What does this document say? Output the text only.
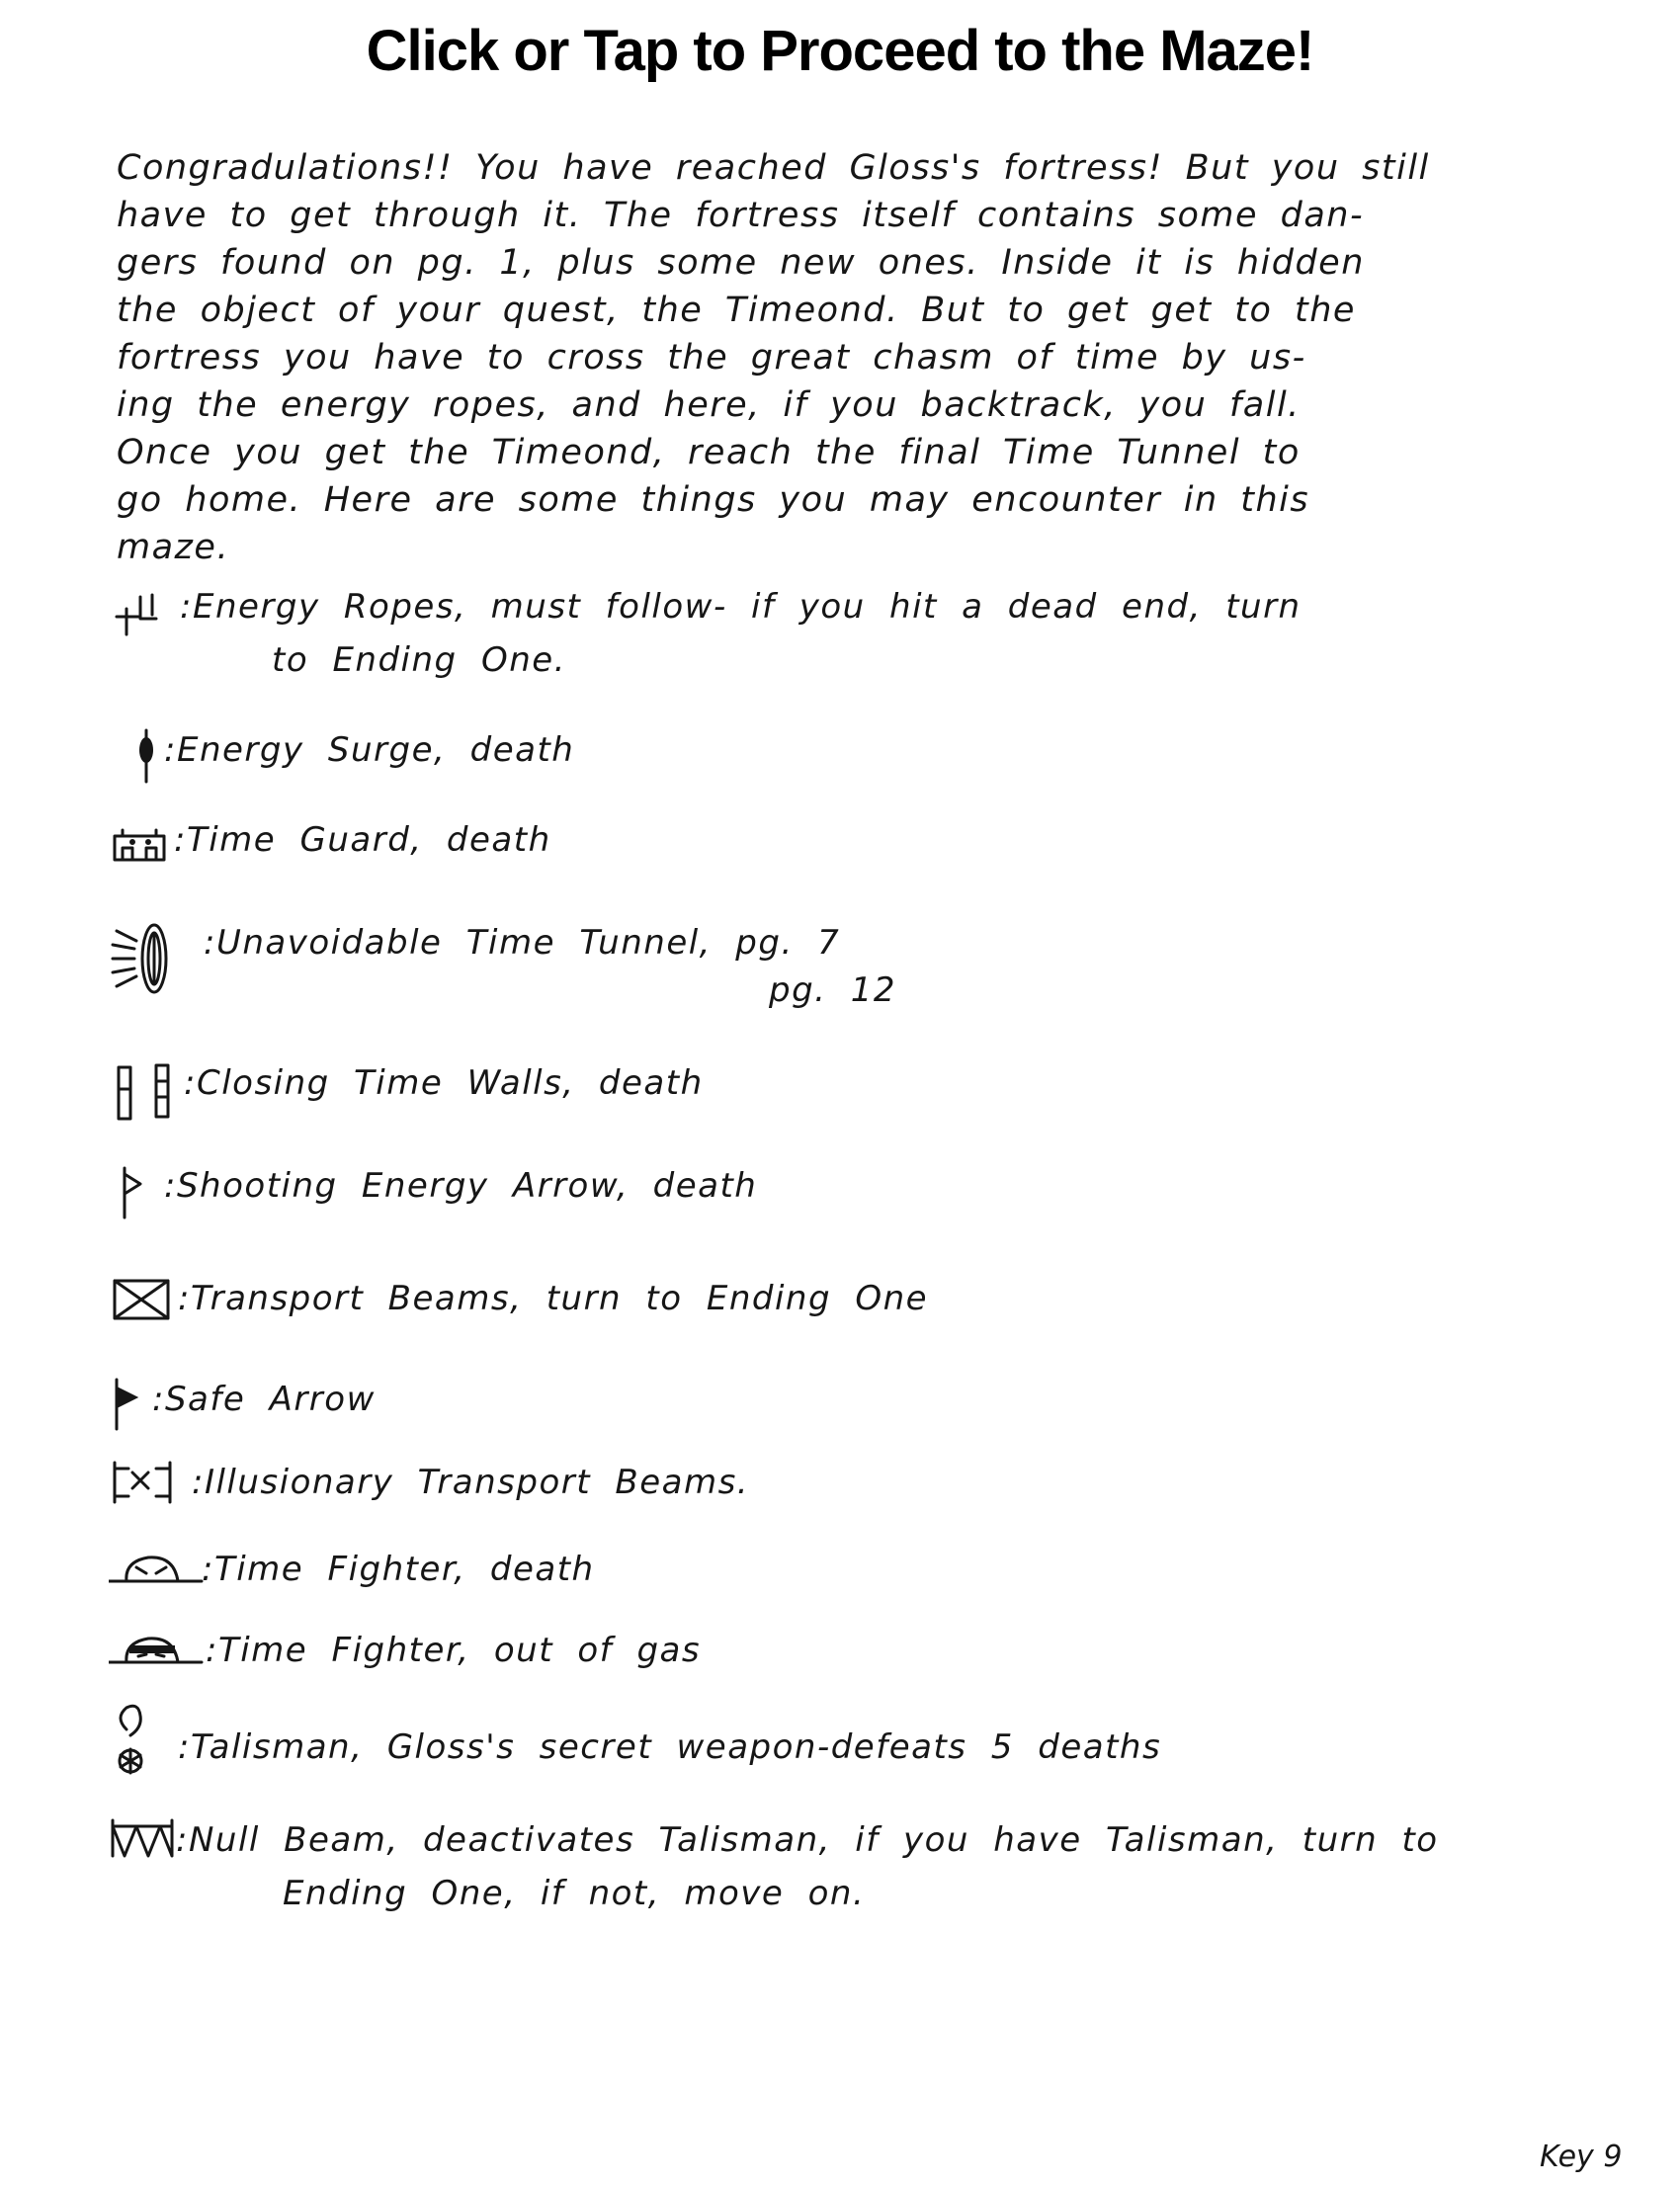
Click or Tap to Proceed to the Maze!
Congradulations!! You have reached Gloss's fortress! But you still
have to get through it. The fortress itself contains some dan-
gers found on pg. 1, plus some new ones. Inside it is hidden
the object of your quest, the Timeond. But to get get to the
fortress you have to cross the great chasm of time by us-
ing the energy ropes, and here, if you backtrack, you fall.
Once you get the Timeond, reach the final Time Tunnel to
go home. Here are some things you may encounter in this
maze.
:Energy Ropes, must follow- if you hit a dead end, turn
to Ending One.
:Energy Surge, death
:Time Guard, death
:Unavoidable Time Tunnel, pg. 7
pg. 12
:Closing Time Walls, death
:Shooting Energy Arrow, death
:Transport Beams, turn to Ending One
:Safe Arrow
:Illusionary Transport Beams.
:Time Fighter, death
:Time Fighter, out of gas
:Talisman, Gloss's secret weapon-defeats 5 deaths
:Null Beam, deactivates Talisman, if you have Talisman, turn to
Ending One, if not, move on.
Key 9
